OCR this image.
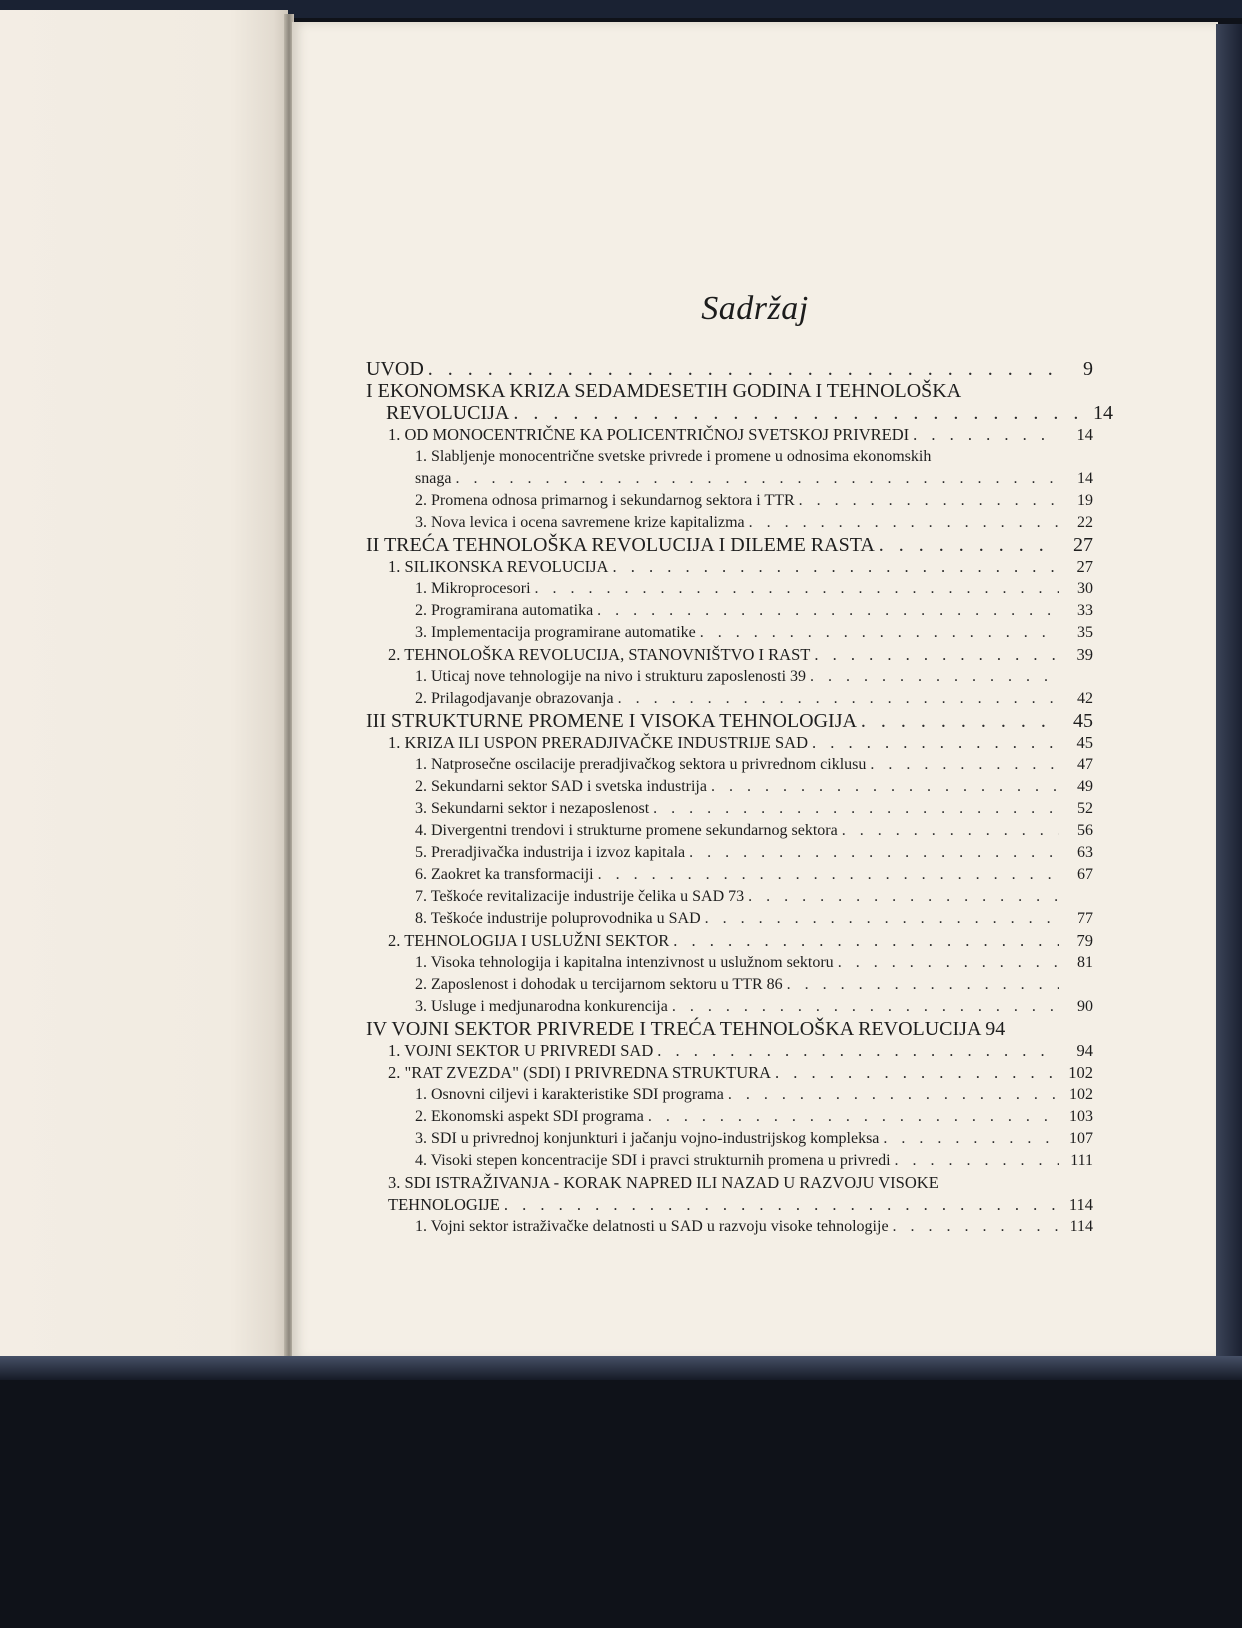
Sadržaj
UVOD . . .	9
I EKONOMSKA KRIZA SEDAMDESETIH GODINA I TEHNOLOŠKA
REVOLUCIJA . . .	14
1. OD MONOCENTRIČNE KA POLICENTRIČNOJ SVETSKOJ PRIVREDI . . .	14
1. Slabljenje monocentrične svetske privrede i promene u odnosima ekonomskih
snaga . . .	14
2. Promena odnosa primarnog i sekundarnog sektora i TTR . . .	19
3. Nova levica i ocena savremene krize kapitalizma . . .	22
II TREĆA TEHNOLOŠKA REVOLUCIJA I DILEME RASTA . . .	27
1. SILIKONSKA REVOLUCIJA . . .	27
1. Mikroprocesori . . .	30
2. Programirana automatika . . .	33
3. Implementacija programirane automatike . . .	35
2. TEHNOLOŠKA REVOLUCIJA, STANOVNIŠTVO I RAST . . .	39
1. Uticaj nove tehnologije na nivo i strukturu zaposlenosti 39
. . .
2. Prilagodjavanje obrazovanja . . .	42
III STRUKTURNE PROMENE I VISOKA TEHNOLOGIJA . . .	45
1. KRIZA ILI USPON PRERADJIVAČKE INDUSTRIJE SAD . . .	45
1. Natprosečne oscilacije preradjivačkog sektora u privrednom ciklusu . . .	47
2. Sekundarni sektor SAD i svetska industrija . . .	49
3. Sekundarni sektor i nezaposlenost . . .	52
4. Divergentni trendovi i strukturne promene sekundarnog sektora . . .	56
5. Preradjivačka industrija i izvoz kapitala . . .	63
6. Zaokret ka transformaciji . . .	67
7. Teškoće revitalizacije industrije čelika u SAD 73
. . .
8. Teškoće industrije poluprovodnika u SAD . . .	77
2. TEHNOLOGIJA I USLUŽNI SEKTOR . . .	79
1. Visoka tehnologija i kapitalna intenzivnost u uslužnom sektoru . . .	81
2. Zaposlenost i dohodak u tercijarnom sektoru u TTR 86
. . .
3. Usluge i medjunarodna konkurencija . . .	90
IV VOJNI SEKTOR PRIVREDE I TREĆA TEHNOLOŠKA REVOLUCIJA 94
1. VOJNI SEKTOR U PRIVREDI SAD . . .	94
2. "RAT ZVEZDA" (SDI) I PRIVREDNA STRUKTURA . . .	102
1. Osnovni ciljevi i karakteristike SDI programa . . .	102
2. Ekonomski aspekt SDI programa . . .	103
3. SDI u privrednoj konjunkturi i jačanju vojno-industrijskog kompleksa . . .	107
4. Visoki stepen koncentracije SDI i pravci strukturnih promena u privredi . . .	111
3. SDI ISTRAŽIVANJA - KORAK NAPRED ILI NAZAD U RAZVOJU VISOKE
TEHNOLOGIJE . . .	114
1. Vojni sektor istraživačke delatnosti u SAD u razvoju visoke tehnologije . . .	114
